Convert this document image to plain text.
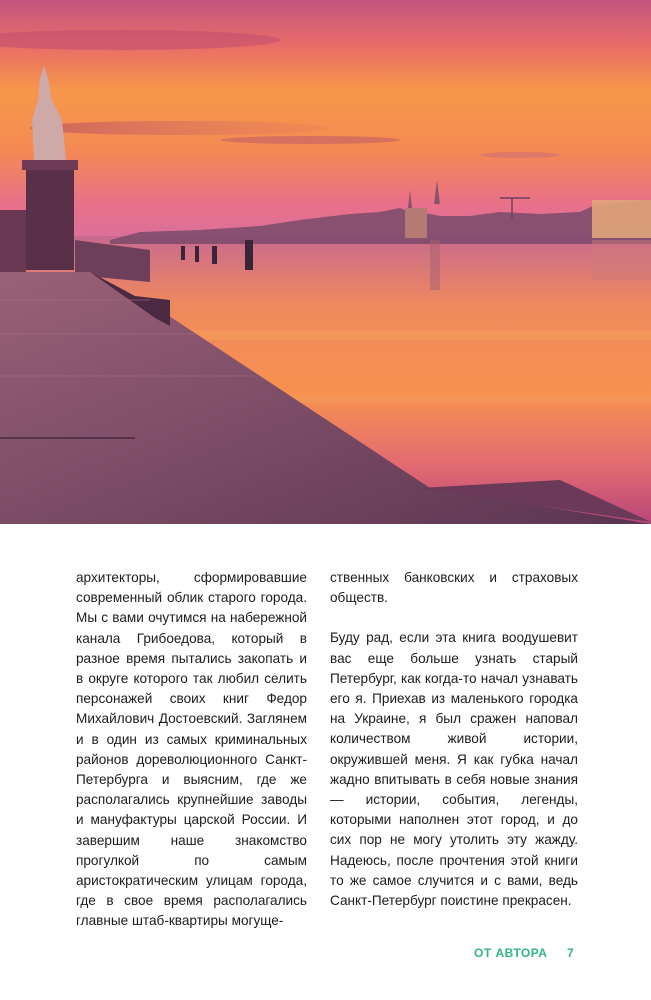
архитекторы, сформировавшие современный облик старого города. Мы с вами очутимся на набережной канала Грибоедова, который в разное время пытались закопать и в округе которого так любил селить персонажей своих книг Федор Михайлович Достоевский. Заглянем и в один из самых криминальных районов дореволюционного Санкт-Петербурга и выясним, где же располагались крупнейшие заводы и мануфактуры царской России. И завершим наше знакомство прогулкой по самым аристократическим улицам города, где в свое время располагались главные штаб-квартиры могуще-

ственных банковских и страховых обществ.

Буду рад, если эта книга воодушевит вас еще больше узнать старый Петербург, как когда-то начал узнавать его я. Приехав из маленького городка на Украине, я был сражен наповал количеством живой истории, окружившей меня. Я как губка начал жадно впитывать в себя новые знания — истории, события, легенды, которыми наполнен этот город, и до сих пор не могу утолить эту жажду. Надеюсь, после прочтения этой книги то же самое случится и с вами, ведь Санкт-Петербург поистине прекрасен.

ОТ АВТОРА 7
